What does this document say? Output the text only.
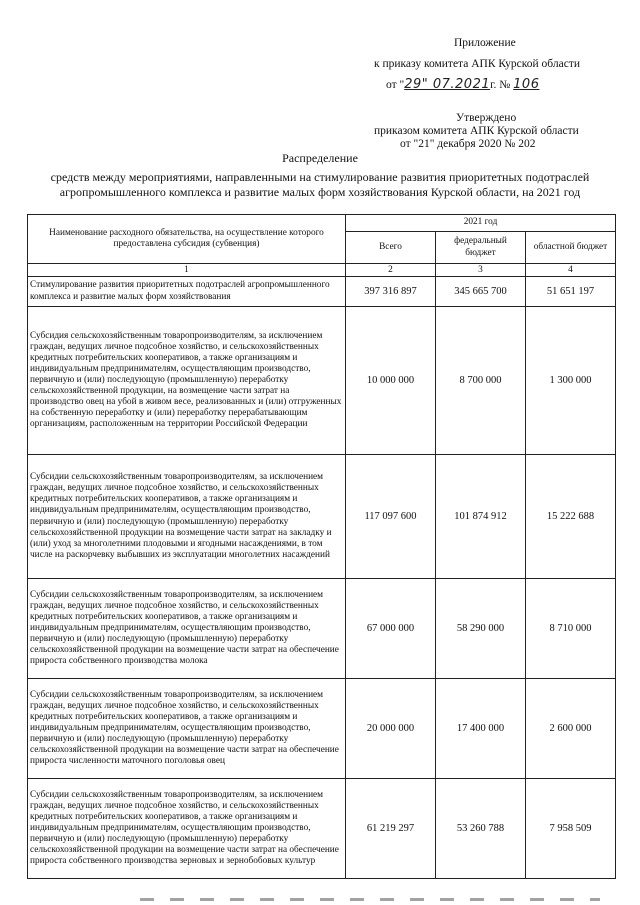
Приложение
к приказу комитета АПК Курской области
от "29" 07.2021г. № 106
Утверждено
приказом комитета АПК Курской области
от "21" декабря 2020 № 202
Распределение
средств между мероприятиями, направленными на стимулирование развития приоритетных подотраслей агропромышленного комплекса и развитие малых форм хозяйствования Курской области, на 2021 год
Наименование расходного обязательства, на осуществление которого предоставлена субсидия (субвенция)	2021 год		
	Всего	федеральный бюджет	областной бюджет
1	2	3	4
Стимулирование развития приоритетных подотраслей агропромышленного комплекса и развитие малых форм хозяйствования	397 316 897	345 665 700	51 651 197
Субсидия сельскохозяйственным товаропроизводителям, за исключением граждан, ведущих личное подсобное хозяйство, и сельскохозяйственных кредитных потребительских кооперативов, а также организациям и индивидуальным предпринимателям, осуществляющим производство, первичную и (или) последующую (промышленную) переработку сельскохозяйственной продукции, на возмещение части затрат на производство овец на убой в живом весе, реализованных и (или) отгруженных на собственную переработку и (или) переработку перерабатывающим организациям, расположенным на территории Российской Федерации	10 000 000	8 700 000	1 300 000
Субсидии сельскохозяйственным товаропроизводителям, за исключением граждан, ведущих личное подсобное хозяйство, и сельскохозяйственных кредитных потребительских кооперативов, а также организациям и индивидуальным предпринимателям, осуществляющим производство, первичную и (или) последующую (промышленную) переработку сельскохозяйственной продукции на возмещение части затрат на закладку и (или) уход за многолетними плодовыми и ягодными насаждениями, в том числе на раскорчевку выбывших из эксплуатации многолетних насаждений	117 097 600	101 874 912	15 222 688
Субсидии сельскохозяйственным товаропроизводителям, за исключением граждан, ведущих личное подсобное хозяйство, и сельскохозяйственных кредитных потребительских кооперативов, а также организациям и индивидуальным предпринимателям, осуществляющим производство, первичную и (или) последующую (промышленную) переработку сельскохозяйственной продукции на возмещение части затрат на обеспечение прироста собственного производства молока	67 000 000	58 290 000	8 710 000
Субсидии сельскохозяйственным товаропроизводителям, за исключением граждан, ведущих личное подсобное хозяйство, и сельскохозяйственных кредитных потребительских кооперативов, а также организациям и индивидуальным предпринимателям, осуществляющим производство, первичную и (или) последующую (промышленную) переработку сельскохозяйственной продукции на возмещение части затрат на обеспечение прироста численности маточного поголовья овец	20 000 000	17 400 000	2 600 000
Субсидии сельскохозяйственным товаропроизводителям, за исключением граждан, ведущих личное подсобное хозяйство, и сельскохозяйственных кредитных потребительских кооперативов, а также организациям и индивидуальным предпринимателям, осуществляющим производство, первичную и (или) последующую (промышленную) переработку сельскохозяйственной продукции на возмещение части затрат на обеспечение прироста собственного производства зерновых и зернобобовых культур	61 219 297	53 260 788	7 958 509
